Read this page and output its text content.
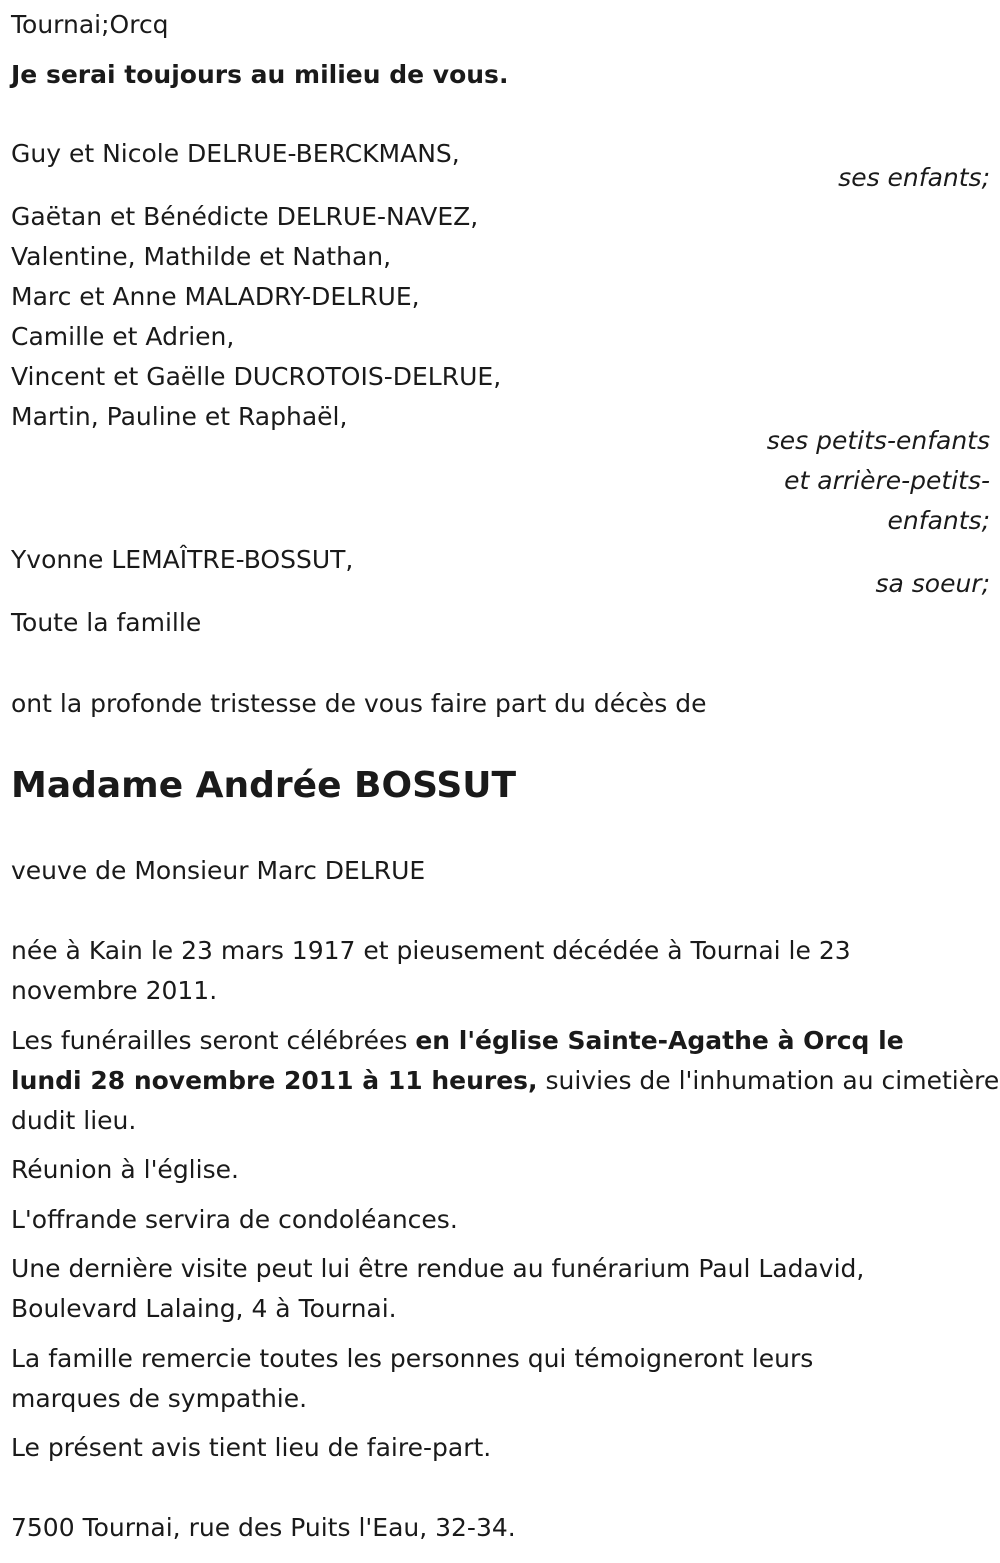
Tournai;Orcq
Je serai toujours au milieu de vous.
Guy et Nicole DELRUE-BERCKMANS,
ses enfants;
Gaëtan et Bénédicte DELRUE-NAVEZ,
Valentine, Mathilde et Nathan,
Marc et Anne MALADRY-DELRUE,
Camille et Adrien,
Vincent et Gaëlle DUCROTOIS-DELRUE,
Martin, Pauline et Raphaël,
ses petits-enfants
et arrière-petits-
enfants;
Yvonne LEMAÎTRE-BOSSUT,
sa soeur;
Toute la famille
ont la profonde tristesse de vous faire part du décès de
Madame Andrée BOSSUT
veuve de Monsieur Marc DELRUE
née à Kain le 23 mars 1917 et pieusement décédée à Tournai le 23
novembre 2011.
Les funérailles seront célébrées en l'église Sainte-Agathe à Orcq le
lundi 28 novembre 2011 à 11 heures, suivies de l'inhumation au cimetière
dudit lieu.
Réunion à l'église.
L'offrande servira de condoléances.
Une dernière visite peut lui être rendue au funérarium Paul Ladavid,
Boulevard Lalaing, 4 à Tournai.
La famille remercie toutes les personnes qui témoigneront leurs
marques de sympathie.
Le présent avis tient lieu de faire-part.
7500 Tournai, rue des Puits l'Eau, 32-34.
